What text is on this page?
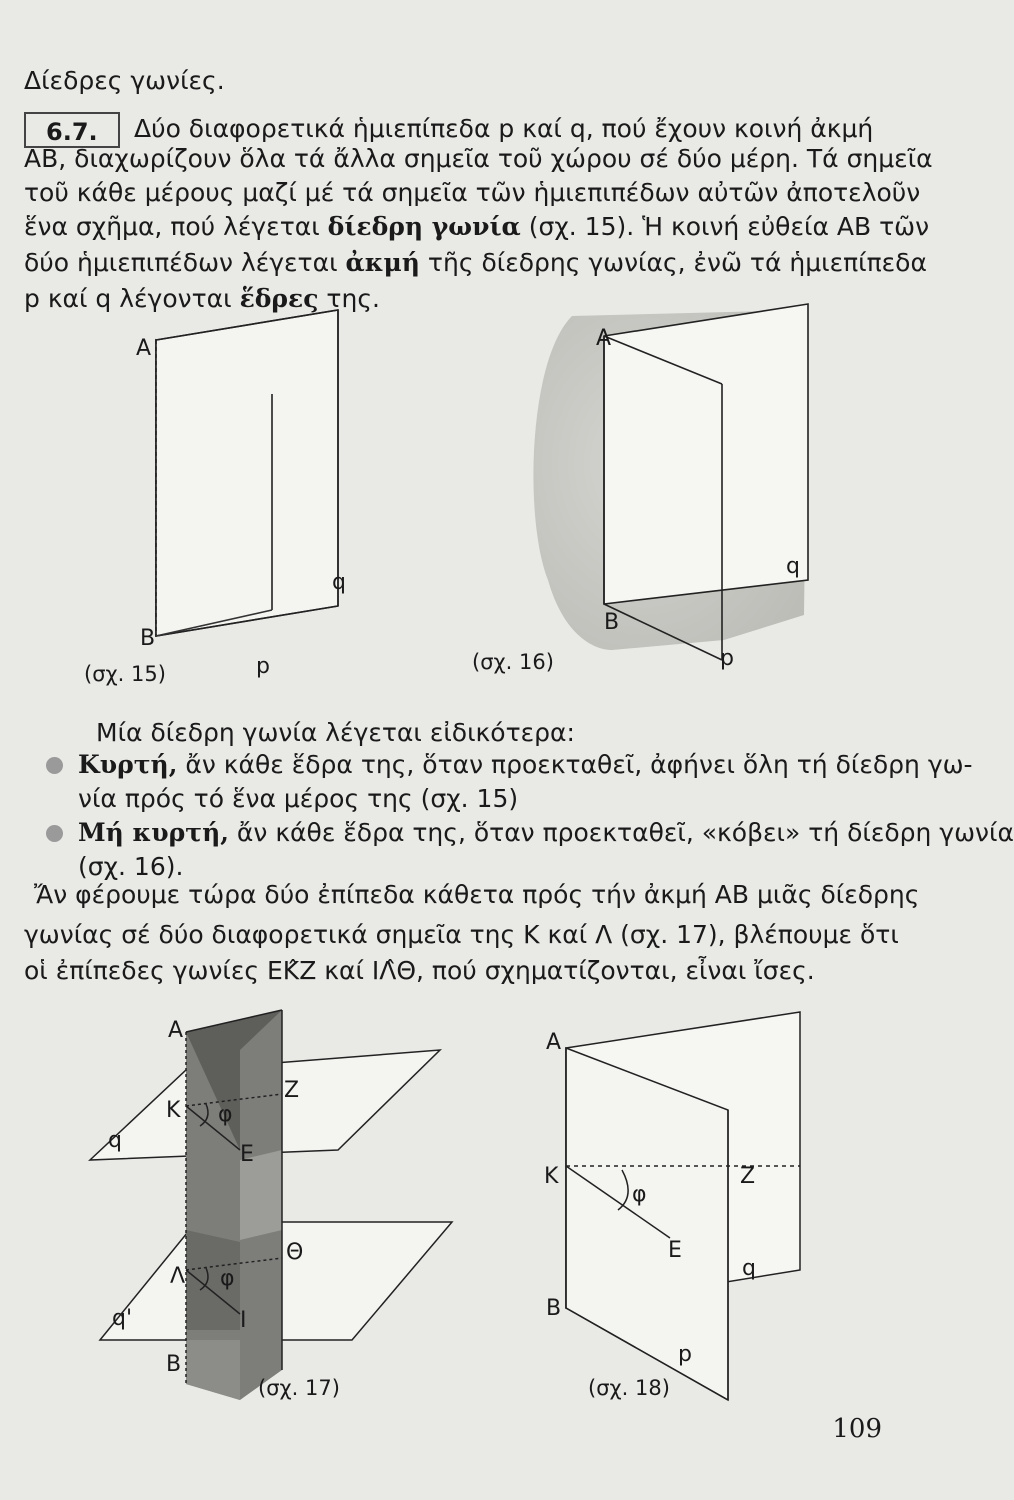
Δίεδρες γωνίες.
6.7.	Δύο διαφορετικά ἡμιεπίπεδα p καί q, πού ἔχουν κοινή ἀκμή
AB, διαχωρίζουν ὅλα τά ἄλλα σημεῖα τοῦ χώρου σέ δύο μέρη. Τά σημεῖα
τοῦ κάθε μέρους μαζί μέ τά σημεῖα τῶν ἡμιεπιπέδων αὐτῶν ἀποτελοῦν
ἕνα σχῆμα, πού λέγεται δίεδρη γωνία (σχ. 15). Ἡ κοινή εὐθεία AB τῶν
δύο ἡμιεπιπέδων λέγεται ἀκμή τῆς δίεδρης γωνίας, ἐνῶ τά ἡμιεπίπεδα
A
q
B
p
(σχ. 15)
A
q
B
p
(σχ. 16)
Μία δίεδρη γωνία λέγεται εἰδικότερα:
Κυρτή, ἄν κάθε ἕδρα της, ὅταν προεκταθεῖ, ἀφήνει ὅλη τή δίεδρη γω-
νία πρός τό ἕνα μέρος της (σχ. 15)
Μή κυρτή, ἄν κάθε ἕδρα της, ὅταν προεκταθεῖ, «κόβει» τή δίεδρη γωνία
(σχ. 16).
Ἄν φέρουμε τώρα δύο ἐπίπεδα κάθετα πρός τήν ἀκμή AB μιᾶς δίεδρης
γωνίας σέ δύο διαφορετικά σημεῖα της Κ καί Λ (σχ. 17), βλέπουμε ὅτι
οἱ ἐπίπεδες γωνίες ΕΚ̂Ζ καί ΙΛ̂Θ, πού σχηματίζονται, εἶναι ἴσες.
A
K
Z
φ
q
E
Θ
Λ φ
q'	I
B
(σχ. 17)
A
K	Z
φ
E
q
B
p
(σχ. 18)
109
p καί q λέγονται ἕδρες της.
